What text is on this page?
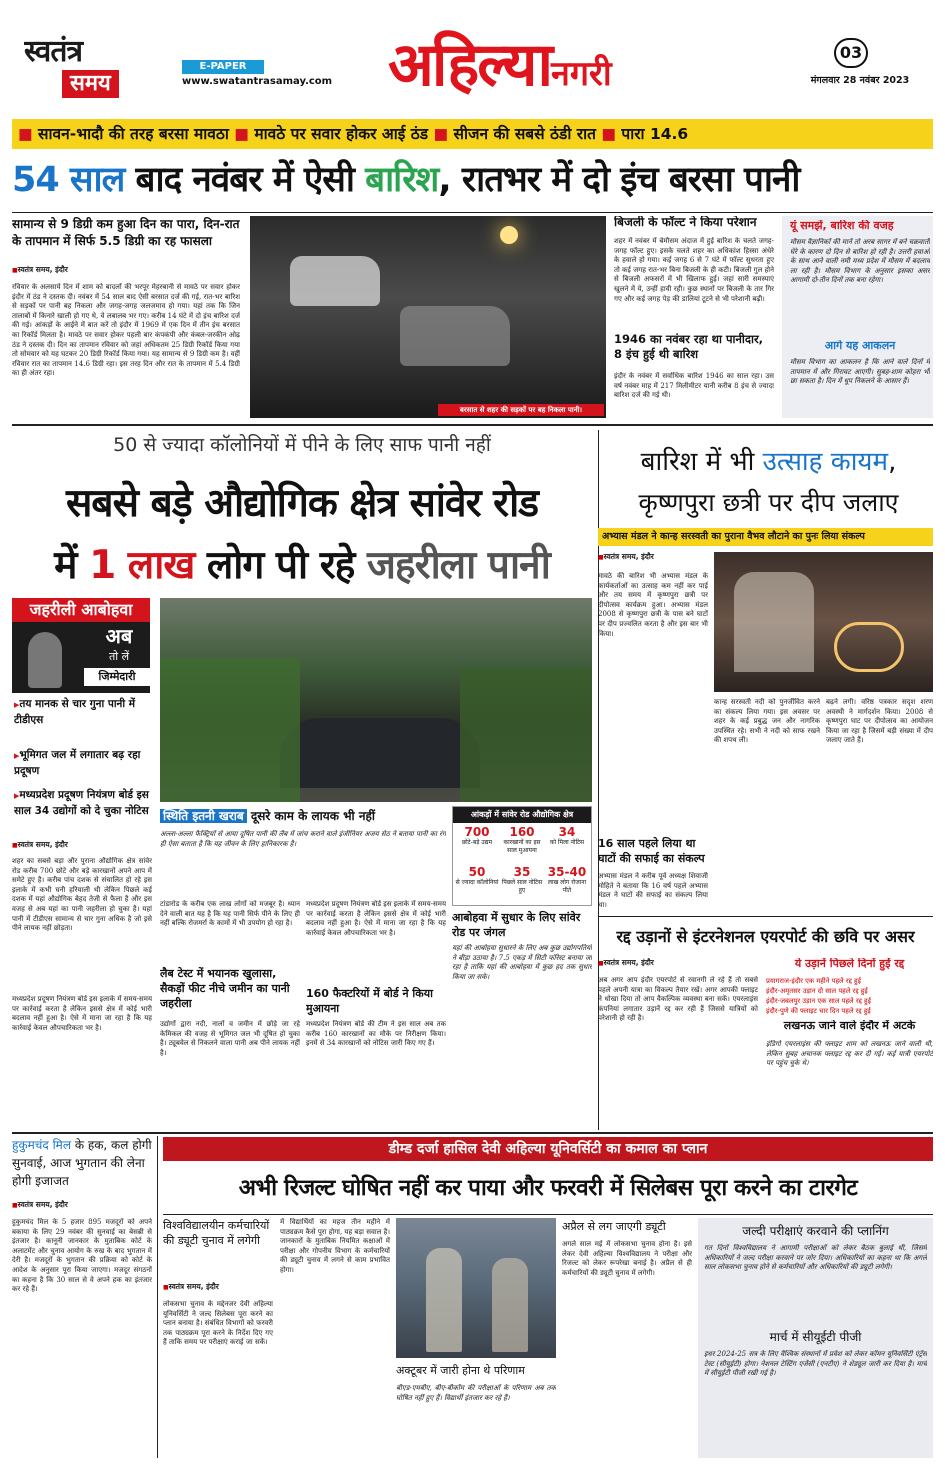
स्वतंत्र
समय
E-PAPER
www.swatantrasamay.com अहिल्यानगरी
03
मंगलवार 28 नवंबर 2023
■ सावन-भादौ की तरह बरसा मावठा ■ मावठे पर सवार होकर आई ठंड ■ सीजन की सबसे ठंडी रात ■ पारा 14.6
54 साल बाद नवंबर में ऐसी बारिश, रातभर में दो इंच बरसा पानी
सामान्य से 9 डिग्री कम हुआ दिन का पारा, दिन-रात के तापमान में सिर्फ 5.5 डिग्री का रह फासला
■ स्वतंत्र समय, इंदौर
रविवार के अलसाये दिन में शाम को बादलों की भरपूर मेहरबानी से मावठे पर सवार होकर इंदौर में ठंड ने दस्तक दी। नवंबर में 54 साल बाद ऐसी बरसात दर्ज की गई, रात-भर बारिश से सड़कों पर पानी बह निकला और जगह-जगह जलजमाव हो गया। यहां तक कि जिन तालाबों में किनारे खाली हो गए थे, वे लबालब भर गए। करीब 14 घंटे में दो इंच बारिश दर्ज की गई। आंकड़ों के आईने में बात करें तो इंदौर में 1969 में एक दिन में तीन इंच बरसात का रिकॉर्ड मिलता है। मावठे पर सवार होकर पहली बार कंपकंपी और कंबल-जरकीन ओढ़ ठंड ने दस्तक दी। दिन का तापमान रविवार को जहां अधिकतम 25 डिग्री रिकॉर्ड किया गया तो सोमवार को यह घटकर 20 डिग्री रिकॉर्ड किया गया। यह सामान्य से 9 डिग्री कम है। वहीं रविवार रात का तापमान 14.6 डिग्री रहा। इस तरह दिन और रात के तापमान में 5.4 डिग्री का ही अंतर रहा।
बरसात से शहर की सड़कों पर बह निकला पानी।
बिजली के फॉल्ट ने किया परेशान
शहर में नवंबर में बेमौसम अंदाज में हुई बारिश के चलते जगह-जगह फॉल्ट हुए। इसके चलते शहर का अधिकांश हिस्सा अंधेरे के हवाले हो गया। कई जगह 6 से 7 घंटे में फॉल्ट सुधरता हुए तो कई जगह रात-भर बिना बिजली के ही कटी। बिजली गुल होने से बिजली अफसरों में भी खिलाफ हुई। जहां सारी समस्याएं खुलने में ये, उन्हीं हावी रही। कुछ स्थानों पर बिजली के तार गिर गए और कई जगह पेड़ की डालियां टूटने से भी परेशानी बढ़ी।
1946 का नवंबर रहा था पानीदार, 8 इंच हुई थी बारिश
इंदौर के नवंबर में सर्वाधिक बारिश 1946 का साल रहा। उस वर्ष नवंबर माह में 217 मिलीमीटर यानी करीब 8 इंच से ज्यादा बारिश दर्ज की गई थी।
यूं समझें, बारिश की वजह
मौसम वैज्ञानिकों की मानें तो अरब सागर में बने चक्रवाती घेरे के कारण दो दिन से बारिश हो रही है। उत्तरी हवाओं के साथ आने वाली नमी मध्य प्रदेश में मौसम में बदलाव ला रही है। मौसम विभाग के अनुसार इसका असर आगामी दो-तीन दिनों तक बना रहेगा।
आगे यह आकलन
मौसम विभाग का आकलन है कि आने वाले दिनों में तापमान में और गिरावट आएगी। सुबह-शाम कोहरा भी छा सकता है। दिन में धूप निकलने के आसार हैं।
50 से ज्यादा कॉलोनियों में पीने के लिए साफ पानी नहीं
सबसे बड़े औद्योगिक क्षेत्र सांवेर रोड
में 1 लाख लोग पी रहे जहरीला पानी
जहरीली आबोहवा
अब
तो लें
जिम्मेदारी
▶ तय मानक से चार गुना पानी में टीडीएस
▶ भूमिगत जल में लगातार बढ़ रहा प्रदूषण
▶ मध्यप्रदेश प्रदूषण नियंत्रण बोर्ड इस साल 34 उद्योगों को दे चुका नोटिस
■ स्वतंत्र समय, इंदौर
शहर का सबसे बड़ा और पुराना औद्योगिक क्षेत्र सांवेर रोड करीब 700 छोटे और बड़े कारखानों अपने आप में समेटे हुए है। करीब पांच दशक से संचालित हो रहे इस इलाके में कभी घनी हरियाली थी लेकिन पिछले कई दशक में यहां औद्योगिक बेहद तेजी से फैला है और इस वजह से अब यहां का पानी जहरीला हो चुका है। यहां पानी में टीडीएस सामान्य से चार गुना अधिक है जो इसे पीने लायक नहीं छोड़ता।
मध्यप्रदेश प्रदूषण नियंत्रण बोर्ड इस इलाके में समय-समय पर कार्रवाई करता है लेकिन इससे क्षेत्र में कोई भारी बदलाव नहीं हुआ है। ऐसे में माना जा रहा है कि यह कार्रवाई केवल औपचारिकता भर है।
स्थिति इतनी खराब दूसरे काम के लायक भी नहीं
अल्ला-अल्ला फैक्ट्रियों से आया दूषित पानी की लैब में जांच कराने वाले इंजीनियर अजय सेठ ने बताया पानी का रंग ही ऐसा बताता है कि यह जीवन के लिए हानिकारक है।
टांडारोड के करीब एक लाख लोगों को मजबूर है। ध्यान देने वाली बात यह है कि यह पानी सिर्फ पीने के लिए ही नहीं बल्कि रोजमर्रा के कामों में भी उपयोग हो रहा है।
लैब टेस्ट में भयानक खुलासा, सैकड़ों फीट नीचे जमीन का पानी जहरीला
उद्योगों द्वारा नदी, नालों व जमीन में छोड़े जा रहे केमिकल की वजह से भूमिगत जल भी दूषित हो चुका है। ट्यूबवेल से निकलने वाला पानी अब पीने लायक नहीं है।
मध्यप्रदेश प्रदूषण नियंत्रण बोर्ड इस इलाके में समय-समय पर कार्रवाई करता है लेकिन इससे क्षेत्र में कोई भारी बदलाव नहीं हुआ है। ऐसे में माना जा रहा है कि यह कार्रवाई केवल औपचारिकता भर है।
160 फैक्टरियों में बोर्ड ने किया मुआयना
मध्यप्रदेश नियंत्रण बोर्ड की टीम ने इस साल अब तक करीब 160 कारखानों का मौके पर निरीक्षण किया। इनमें से 34 कारखानों को नोटिस जारी किए गए हैं।
आंकड़ों में सांवेर रोड औद्योगिक क्षेत्र
700
छोटे-बड़े उद्यम
160
कारखानों का इस साल मुआयना
34
को मिला नोटिस
50
से ज्यादा कॉलोनियां
35
पिछले साल नोटिस हुए
35-40
लाख लोग रोजाना पीते
आबोहवा में सुधार के लिए सांवेर रोड पर जंगल
यहां की आबोहवा सुधारने के लिए अब कुछ उद्योगपतियों ने बीड़ा उठाया है। 7.5 एकड़ में सिटी फॉरेस्ट बनाया जा रहा है ताकि यहां की आबोहवा में कुछ हद तक सुधार किया जा सके।
बारिश में भी उत्साह कायम,
कृष्णपुरा छत्री पर दीप जलाए
अभ्यास मंडल ने कान्ह सरस्वती का पुराना वैभव लौटाने का पुनः लिया संकल्प
■ स्वतंत्र समय, इंदौर
मावठे की बारिश भी अभ्यास मंडल के कार्यकर्ताओं का उत्साह कम नहीं कर पाई और तय समय में कृष्णपुरा छत्री पर दीपोत्सव कार्यक्रम हुआ। अभ्यास मंडल 2008 से कृष्णपुरा छत्री के पास बने घाटों पर दीप प्रज्वलित करता है और इस बार भी किया।
कान्ह सरस्वती नदी को पुनर्जीवित करने का संकल्प लिया गया। इस अवसर पर शहर के कई प्रबुद्ध जन और नागरिक उपस्थित रहे। सभी ने नदी को साफ रखने की शपथ ली।
बढ़ने लगी। वरिष्ठ पत्रकार सदृश शरण अवस्थी ने मार्गदर्शन किया। 2008 से कृष्णपुरा घाट पर दीपोत्सव का आयोजन किया जा रहा है जिसमें बड़ी संख्या में दीप जलाए जाते हैं।
16 साल पहले लिया था घाटों की सफाई का संकल्प
अभ्यास मंडल ने करीब पूर्व अध्यक्ष शिवाजी मोहिते ने बताया कि 16 वर्ष पहले अभ्यास मंडल ने घाटों की सफाई का संकल्प लिया था।
रद्द उड़ानों से इंटरनेशनल एयरपोर्ट की छवि पर असर
■ स्वतंत्र समय, इंदौर
अब अगर आप इंदौर एयरपोर्ट से रवानगी ले रहे हैं तो सबसे पहले अपनी यात्रा का विकल्प तैयार रखें। अगर आपकी फ्लाइट ने धोखा दिया तो आप वैकल्पिक व्यवस्था बना सकें। एयरलाइंस कंपनियां लगातार उड़ानें रद्द कर रही हैं जिससे यात्रियों को परेशानी हो रही है।
ये उड़ानें पिछले दिनों हुईं रद्द
प्रयागराज-इंदौर एक महीने पहले रद्द हुई
इंदौर-अमृतसर उड़ान दो साल पहले रद्द हुई
इंदौर-जबलपुर उड़ान एक साल पहले रद्द हुई
इंदौर-पुणे की फ्लाइट चार दिन पहले रद्द हुई
लखनऊ जाने वाले इंदौर में अटके
इंडिगो एयरलाइंस की फ्लाइट शाम को लखनऊ जाने वाली थी, लेकिन सुबह अचानक फ्लाइट रद्द कर दी गई। कई यात्री एयरपोर्ट पर पहुंच चुके थे।
हुकुमचंद मिल के हक, कल होगी सुनवाई, आज भुगतान की लेना होगी इजाजत
■ स्वतंत्र समय, इंदौर
हुकुमचंद मिल के 5 हजार 895 मजदूरों को अपने बकाया के लिए 29 नवंबर की सुनवाई का बेसब्री से इंतजार है। कानूनी जानकार के मुताबिक कोर्ट के अलाटमेंट और चुनाव आयोग के रुख के बाद भुगतान में देरी है। मजदूरों के भुगतान की प्रक्रिया को कोर्ट के आदेश के अनुसार पूरा किया जाएगा। मजदूर संगठनों का कहना है कि 30 साल से वे अपने हक का इंतजार कर रहे हैं।
डीम्ड दर्जा हासिल देवी अहिल्या यूनिवर्सिटी का कमाल का प्लान
अभी रिजल्ट घोषित नहीं कर पाया और फरवरी में सिलेबस पूरा करने का टारगेट
विश्वविद्यालयीन कर्मचारियों की ड्यूटी चुनाव में लगेगी
■ स्वतंत्र समय, इंदौर
लोकसभा चुनाव के मद्देनजर देवी अहिल्या यूनिवर्सिटी ने जल्द सिलेबस पूरा करने का प्लान बनाया है। संबंधित विभागों को फरवरी तक पाठ्यक्रम पूरा करने के निर्देश दिए गए हैं ताकि समय पर परीक्षाएं कराई जा सकें।
में विद्यार्थियों का महज तीन महीने में पाठ्यक्रम कैसे पूरा होगा, यह बड़ा सवाल है। जानकारों के मुताबिक नियमित कक्षाओं में परीक्षा और गोपनीय विभाग के कर्मचारियों की ड्यूटी चुनाव में लगने से काम प्रभावित होगा।
अक्टूबर में जारी होना थे परिणाम
बीएड-एमबीए, बीए-बीकॉम की परीक्षाओं के परिणाम अब तक घोषित नहीं हुए हैं। विद्यार्थी इंतजार कर रहे हैं।
अप्रैल से लग जाएगी ड्यूटी
अगले साल मई में लोकसभा चुनाव होना है। इसे लेकर देवी अहिल्या विश्वविद्यालय ने परीक्षा और रिजल्ट को लेकर रूपरेखा बनाई है। अप्रैल से ही कर्मचारियों की ड्यूटी चुनाव में लगेगी।
जल्दी परीक्षाएं करवाने की प्लानिंग
गत दिनों विश्वविद्यालय ने आगामी परीक्षाओं को लेकर बैठक बुलाई थी, जिसमें अधिकारियों ने जल्द परीक्षा करवाने पर जोर दिया। अधिकारियों का कहना था कि अगले साल लोकसभा चुनाव होने से कर्मचारियों और अधिकारियों की ड्यूटी लगेगी।
मार्च में सीयूईटी पीजी
इधर 2024-25 सत्र के लिए वैश्विक संस्थानों में प्रवेश को लेकर कॉमन यूनिवर्सिटी एंट्रेंस टेस्ट (सीयूईटी) होगा। नेशनल टेस्टिंग एजेंसी (एनटीए) ने शेड्यूल जारी कर दिया है। मार्च में सीयूईटी पीजी रखी गई है।
